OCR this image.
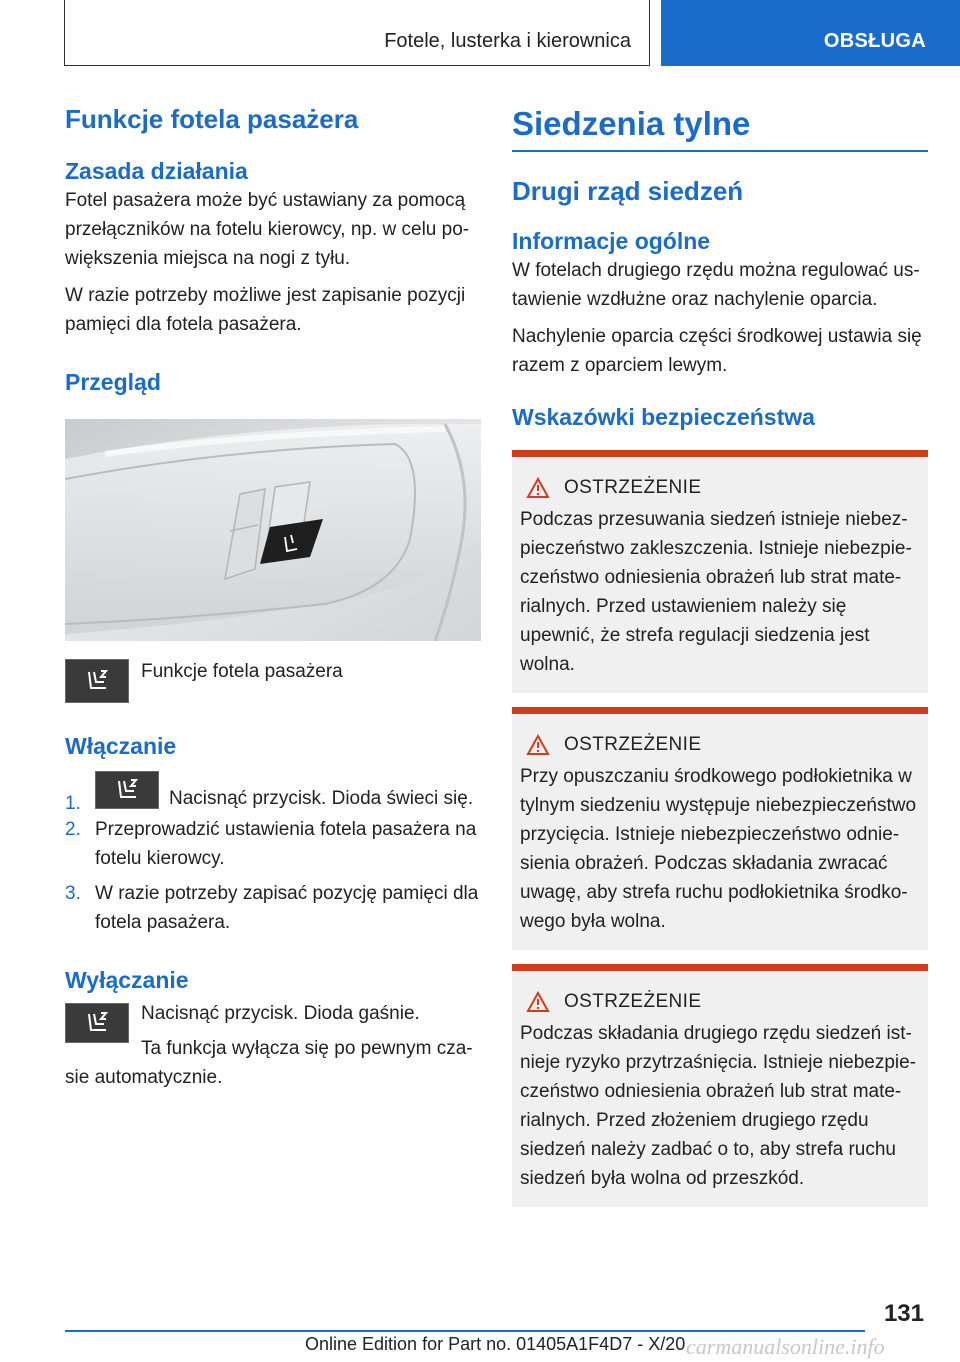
Fotele, lusterka i kierownica	OBSŁUGA
Funkcje fotela pasażera
Zasada działania

Fotel pasażera może być ustawiany za pomocą przełączników na fotelu kierowcy, np. w celu po-większenia miejsca na nogi z tyłu.

W razie potrzeby możliwe jest zapisanie pozycji pamięci dla fotela pasażera.

Przegląd

Funkcje fotela pasażera

Włączanie
1.	Nacisnąć przycisk. Dioda świeci się.
2. Przeprowadzić ustawienia fotela pasażera na fotelu kierowcy.
3. W razie potrzeby zapisać pozycję pamięci dla fotela pasażera.
Wyłączanie

Nacisnąć przycisk. Dioda gaśnie.

Ta funkcja wyłącza się po pewnym cza-sie automatycznie.

Siedzenia tylne
Drugi rząd siedzeń
Informacje ogólne

W fotelach drugiego rzędu można regulować us-tawienie wzdłużne oraz nachylenie oparcia.

Nachylenie oparcia części środkowej ustawia się razem z oparciem lewym.

Wskazówki bezpieczeństwa
OSTRZEŻENIE

Podczas przesuwania siedzeń istnieje niebez-pieczeństwo zakleszczenia. Istnieje niebezpie-czeństwo odniesienia obrażeń lub strat mate-rialnych. Przed ustawieniem należy się upewnić, że strefa regulacji siedzenia jest wolna.

OSTRZEŻENIE

Przy opuszczaniu środkowego podłokietnika w tylnym siedzeniu występuje niebezpieczeństwo przycięcia. Istnieje niebezpieczeństwo odnie-sienia obrażeń. Podczas składania zwracać uwagę, aby strefa ruchu podłokietnika środko-wego była wolna.

OSTRZEŻENIE

Podczas składania drugiego rzędu siedzeń ist-nieje ryzyko przytrzaśnięcia. Istnieje niebezpie-czeństwo odniesienia obrażeń lub strat mate-rialnych. Przed złożeniem drugiego rzędu siedzeń należy zadbać o to, aby strefa ruchu siedzeń była wolna od przeszkód.

131
Online Edition for Part no. 01405A1F4D7 - X/20 carmanualsonline.info
